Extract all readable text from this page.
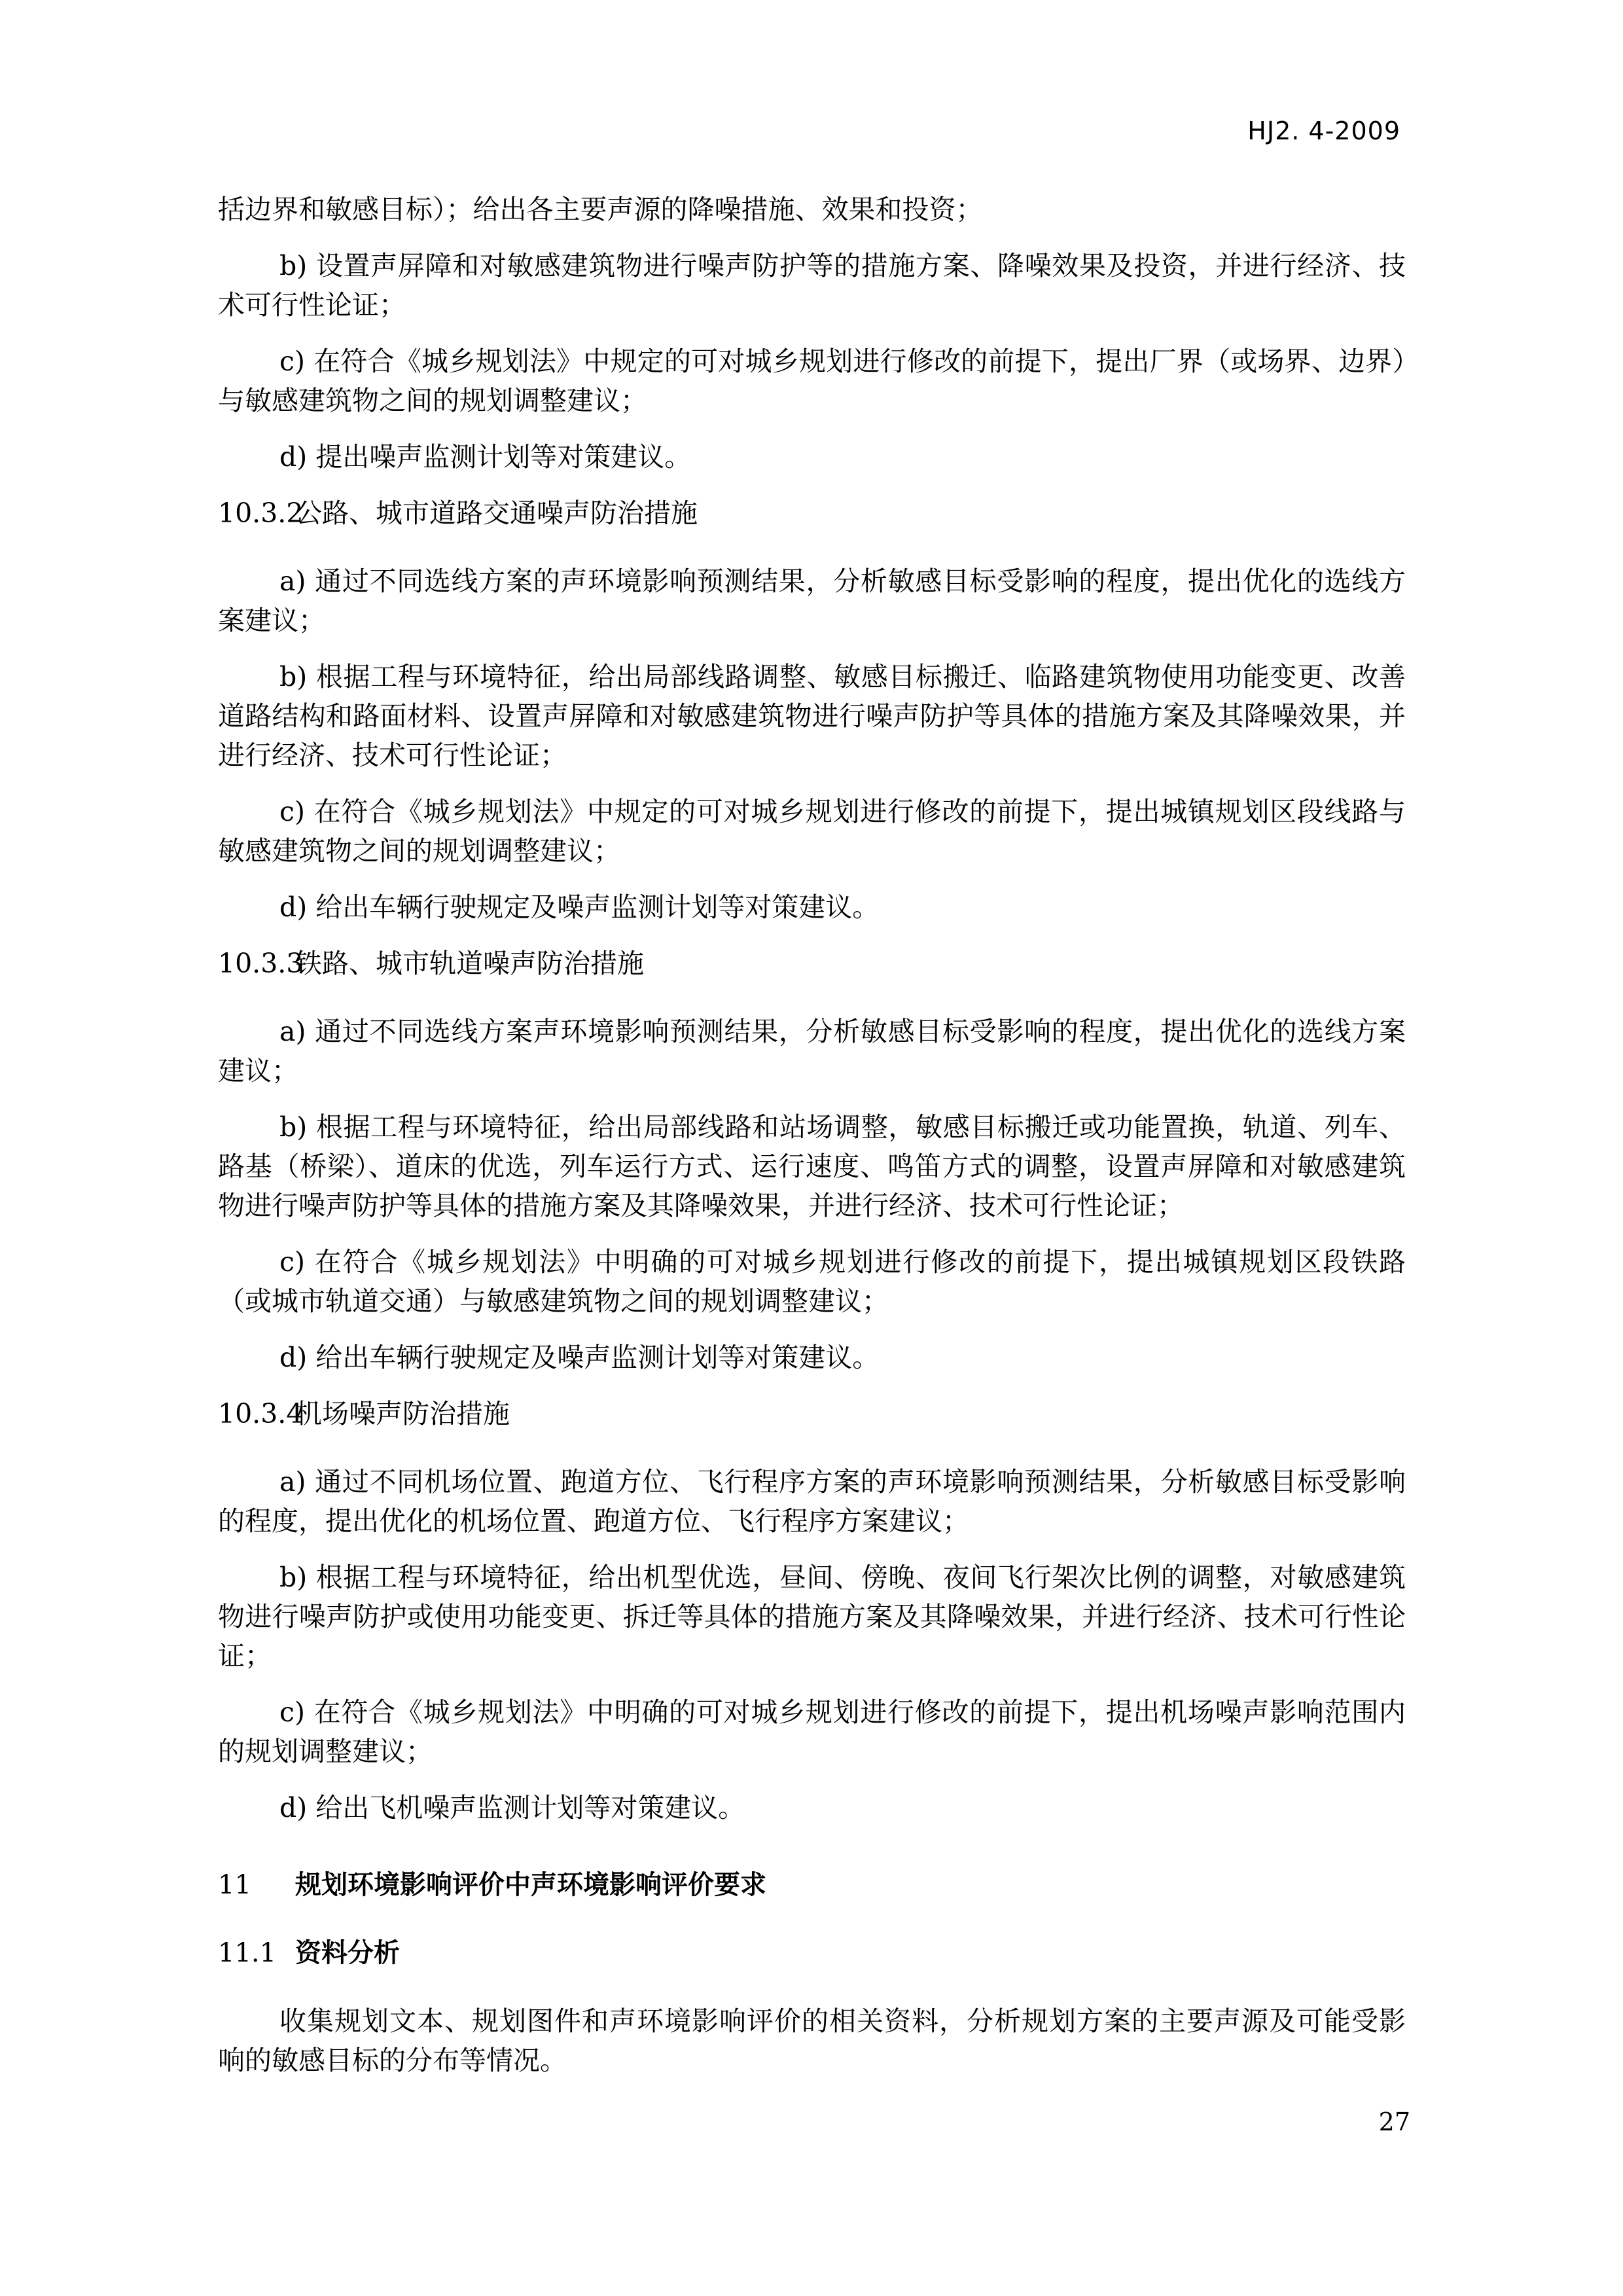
HJ2. 4-2009

括边界和敏感目标）；给出各主要声源的降噪措施、效果和投资；

b) 设置声屏障和对敏感建筑物进行噪声防护等的措施方案、降噪效果及投资，并进行经济、技术可行性论证；

c) 在符合《城乡规划法》中规定的可对城乡规划进行修改的前提下，提出厂界（或场界、边界）与敏感建筑物之间的规划调整建议；

d) 提出噪声监测计划等对策建议。

10.3.2公路、城市道路交通噪声防治措施

a) 通过不同选线方案的声环境影响预测结果，分析敏感目标受影响的程度，提出优化的选线方案建议；

b) 根据工程与环境特征，给出局部线路调整、敏感目标搬迁、临路建筑物使用功能变更、改善道路结构和路面材料、设置声屏障和对敏感建筑物进行噪声防护等具体的措施方案及其降噪效果，并进行经济、技术可行性论证；

c) 在符合《城乡规划法》中规定的可对城乡规划进行修改的前提下，提出城镇规划区段线路与敏感建筑物之间的规划调整建议；

d) 给出车辆行驶规定及噪声监测计划等对策建议。

10.3.3铁路、城市轨道噪声防治措施

a) 通过不同选线方案声环境影响预测结果，分析敏感目标受影响的程度，提出优化的选线方案建议；

b) 根据工程与环境特征，给出局部线路和站场调整，敏感目标搬迁或功能置换，轨道、列车、路基（桥梁）、道床的优选，列车运行方式、运行速度、鸣笛方式的调整，设置声屏障和对敏感建筑物进行噪声防护等具体的措施方案及其降噪效果，并进行经济、技术可行性论证；

c) 在符合《城乡规划法》中明确的可对城乡规划进行修改的前提下，提出城镇规划区段铁路（或城市轨道交通）与敏感建筑物之间的规划调整建议；

d) 给出车辆行驶规定及噪声监测计划等对策建议。

10.3.4机场噪声防治措施

a) 通过不同机场位置、跑道方位、飞行程序方案的声环境影响预测结果，分析敏感目标受影响的程度，提出优化的机场位置、跑道方位、飞行程序方案建议；

b) 根据工程与环境特征，给出机型优选，昼间、傍晚、夜间飞行架次比例的调整，对敏感建筑物进行噪声防护或使用功能变更、拆迁等具体的措施方案及其降噪效果，并进行经济、技术可行性论证；

c) 在符合《城乡规划法》中明确的可对城乡规划进行修改的前提下，提出机场噪声影响范围内的规划调整建议；

d) 给出飞机噪声监测计划等对策建议。

11 规划环境影响评价中声环境影响评价要求
11.1 资料分析

收集规划文本、规划图件和声环境影响评价的相关资料，分析规划方案的主要声源及可能受影响的敏感目标的分布等情况。

27
